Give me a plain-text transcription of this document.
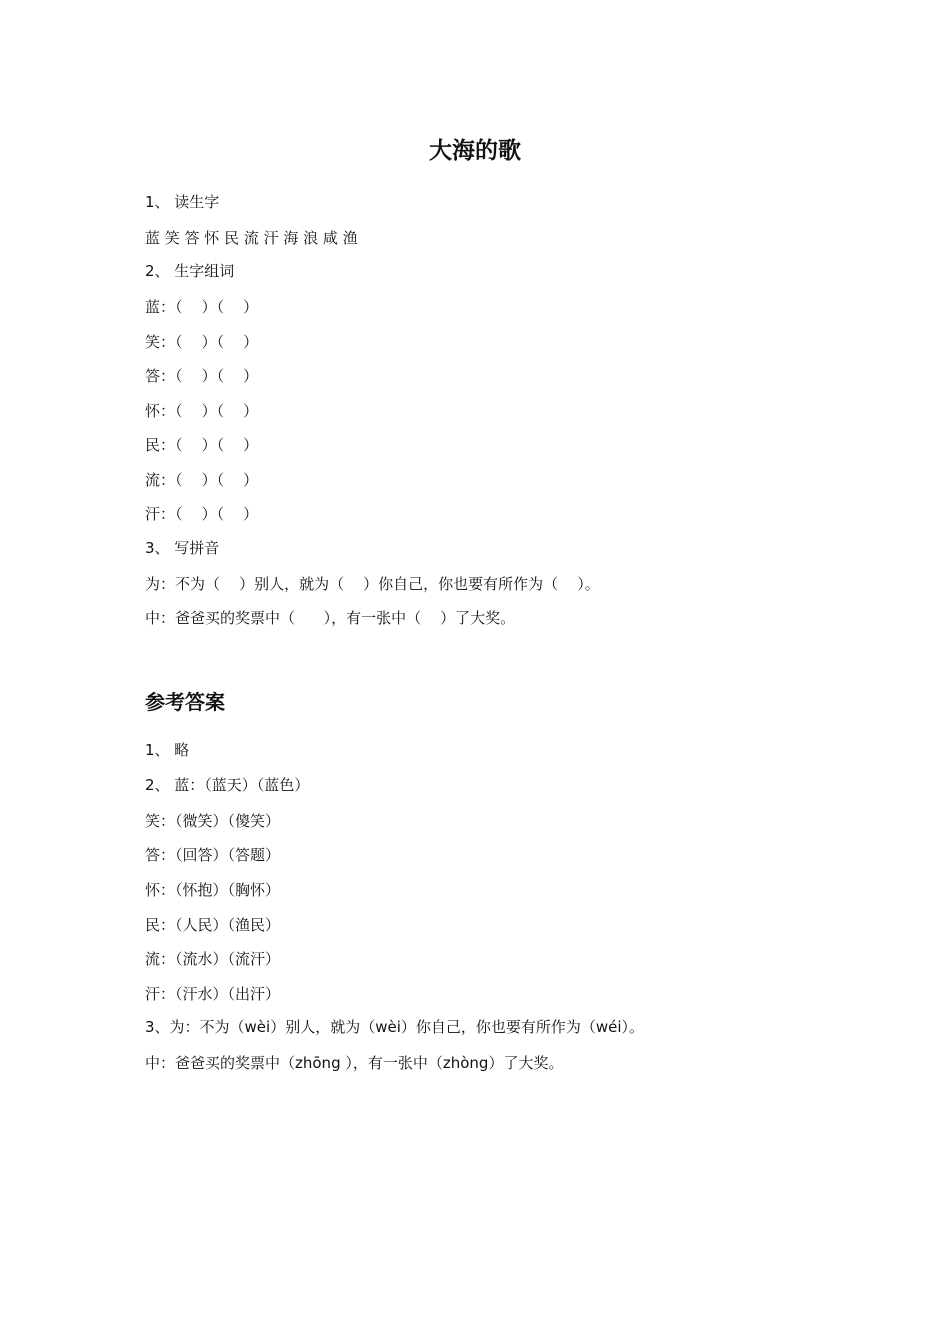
大海的歌
1、 读生字
蓝 笑 答 怀 民 流 汗 海 浪 咸 渔
2、 生字组词
蓝：（    ）（    ）
笑：（    ）（    ）
答：（    ）（    ）
怀：（    ）（    ）
民：（    ）（    ）
流：（    ）（    ）
汗：（    ）（    ）
3、 写拼音
为：不为（    ）别人，就为（    ）你自己，你也要有所作为（    ）。
中：爸爸买的奖票中（      ），有一张中（    ）了大奖。
参考答案
1、 略
2、 蓝：（蓝天）（蓝色）
笑：（微笑）（傻笑）
答：（回答）（答题）
怀：（怀抱）（胸怀）
民：（人民）（渔民）
流：（流水）（流汗）
汗：（汗水）（出汗）
3、为：不为（wèi）别人，就为（wèi）你自己，你也要有所作为（wéi）。
中：爸爸买的奖票中（zhōng ），有一张中（zhòng）了大奖。
